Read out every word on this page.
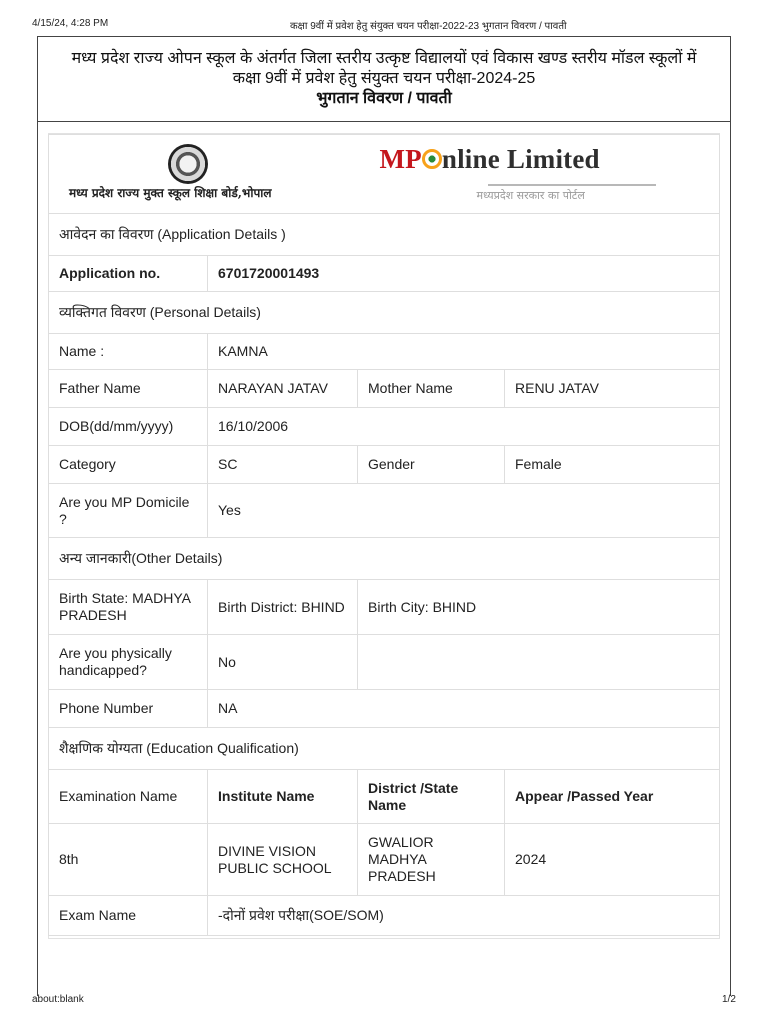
4/15/24, 4:28 PM	कक्षा 9वीं में प्रवेश हेतु संयुक्त चयन परीक्षा-2022-23 भुगतान विवरण / पावती
मध्य प्रदेश राज्य ओपन स्कूल के अंतर्गत जिला स्तरीय उत्कृष्ट विद्यालयों एवं विकास खण्ड स्तरीय मॉडल स्कूलों में
कक्षा 9वीं में प्रवेश हेतु संयुक्त चयन परीक्षा-2024-25
भुगतान विवरण / पावती
मध्य प्रदेश राज्य मुक्त स्कूल शिक्षा बोर्ड,भोपाल		MP nline Limited
मध्यप्रदेश सरकार का पोर्टल	

आवेदन का विवरण (Application Details )			
Application no.	6701720001493		
व्यक्तिगत विवरण (Personal Details)			
Name :	KAMNA		
Father Name	NARAYAN JATAV	Mother Name	RENU JATAV
DOB(dd/mm/yyyy)	16/10/2006		
Category	SC	Gender	Female
Are you MP Domicile ?	Yes		
अन्य जानकारी(Other Details)			
Birth State: MADHYA PRADESH	Birth District: BHIND	Birth City: BHIND	
Are you physically handicapped?	No		
Phone Number	NA		
शैक्षणिक योग्यता (Education Qualification)			
Examination Name	Institute Name	District /State Name	Appear /Passed Year
8th	DIVINE VISION PUBLIC SCHOOL	GWALIOR MADHYA PRADESH	2024
Exam Name	-दोनों प्रवेश परीक्षा(SOE/SOM)		
about:blank	1/2
